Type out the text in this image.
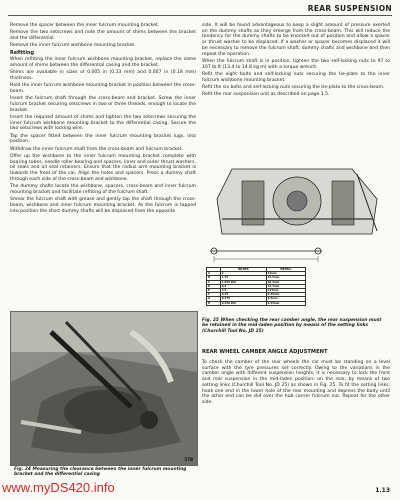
REAR SUSPENSION

Remove the spacer between the inner fulcrum mounting bracket.

Remove the two setscrews and note the amount of shims between the bracket and the differential.

Remove the inner fulcrum wishbone mounting bracket.

Refitting

When refitting the inner fulcrum wishbone mounting bracket, replace the same amount of shims between the differential casing and the bracket.

Shims are available in sizes of 0.005 in (0.13 mm) and 0.007 in (0.18 mm) thickness.

Hold the inner fulcrum wishbone mounting bracket in position between the cross-beam.

Insert the fulcrum shaft through the cross-beam and bracket. Screw the inner fulcrum bracket securing setscrews in two or three threads, enough to locate the bracket.

Insert the required amount of shims and tighten the two setscrews securing the inner fulcrum wishbone mounting bracket to the differential casing. Secure the two setscrews with locking wire.

Tap the spacer fitted between the inner fulcrum mounting bracket lugs, into position.

Withdraw the inner fulcrum shaft from the cross-beam and fulcrum bracket.

Offer up the wishbone to the inner fulcrum mounting bracket complete with bearing tubes, needle roller bearing and spacers, inner and outer thrust washers, oil seals and oil seal retainers. Ensure that the radius arm mounting bracket is towards the front of the car. Align the holes and spacers. Press a dummy shaft through each side of the cross-beam and wishbone.

The dummy shafts locate the wishbone, spacers, cross-beam and inner fulcrum mounting bracket and facilitate refitting of the fulcrum shaft.

Smear the fulcrum shaft with grease and gently tap the shaft through the cross-beam, wishbone and inner fulcrum mounting bracket. As the fulcrum is tapped into position the short dummy shafts will be displaced from the opposite

57B
Fig. 24 Measuring the clearance between the inner fulcrum mounting bracket and the differential casing

side. It will be found advantageous to keep a slight amount of pressure exerted on the dummy shafts as they emerge from the cross-beam. This will reduce the tendency for the dummy shafts to be knocked out of position and allow a spacer or thrust washer to be displaced. If a washer or spacer becomes displaced it will be necessary to remove the fulcrum shaft, dummy shafts and wishbone and then repeat the operation.

When the fulcrum shaft is in position, tighten the two self-locking nuts to 97 to 107 lb ft (13.4 to 14.8 kg m) with a torque wrench.

Refit the eight bolts and self-locking nuts securing the tie-plate to the inner fulcrum wishbone mounting bracket.

Refit the six bolts and self-locking nuts securing the tie-plate to the cross-beam.

Refit the rear suspension unit as described on page 1.5.

	INCHES	METRIC
A	2	51mm
B	1.75	44.5mm
C	1.825 DIA	46.4mm
D	0.5	12.7mm
E	4.5	114mm
F	0.25	6.35mm
G	0.375	9.5mm
H	0.250 DIA	6.35mm
Fig. 25 When checking the rear camber angle, the rear suspension must be retained in the mid-laden position by means of the setting links (Churchill Tool No. JD 25)
REAR WHEEL CAMBER ANGLE ADJUSTMENT

To check the camber of the rear wheels the car must be standing on a level surface with the tyre pressures set correctly. Owing to the variations in the camber angle with different suspension heights, it is necessary to lock the front and rear suspension in the mid-laden position: on the rear, by means of two setting links (Churchill Tool No. JD 25) as shown in Fig. 25. To fit the setting links, hook one end in the lower hole of the rear mounting and depress the body until the other end can be slid over the hub carrier fulcrum nut. Repeat for the other side.

www.myDS420.info	1.13
